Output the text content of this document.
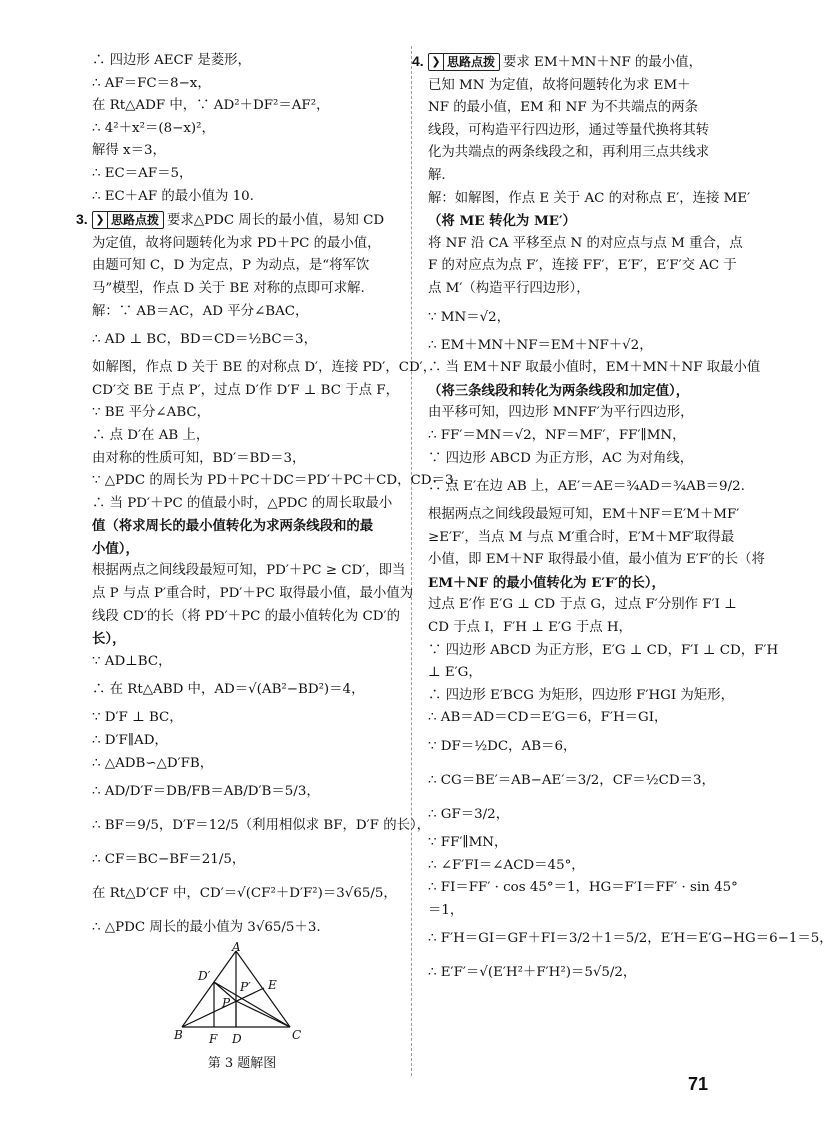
∴ 四边形 AECF 是菱形，
∴ AF＝FC＝8−x，
在 Rt△ADF 中，∵ AD²＋DF²＝AF²，
∴ 4²＋x²＝(8−x)²，
解得 x＝3，
∴ EC＝AF＝5，
∴ EC＋AF 的最小值为 10.
3. ❯ 思路点拨 要求△PDC 周长的最小值，易知 CD 为定值，故将问题转化为求 PD＋PC 的最小值，由题可知 C，D 为定点，P 为动点，是“将军饮马”模型，作点 D 关于 BE 对称的点即可求解.
解：∵ AB＝AC，AD 平分∠BAC，
∴ AD ⊥ BC，BD＝CD＝½BC＝3，
如解图，作点 D 关于 BE 的对称点 D′，连接 PD′，CD′，
CD′交 BE 于点 P′，过点 D′作 D′F ⊥ BC 于点 F，
∵ BE 平分∠ABC，
∴ 点 D′在 AB 上，
由对称的性质可知，BD′＝BD＝3，
∵ △PDC 的周长为 PD＋PC＋DC＝PD′＋PC＋CD，CD＝3，
∴ 当 PD′＋PC 的值最小时，△PDC 的周长取最小
值（将求周长的最小值转化为求两条线段和的最
小值），
根据两点之间线段最短可知，PD′＋PC ≥ CD′，即当
点 P 与点 P′重合时，PD′＋PC 取得最小值，最小值为
线段 CD′的长（将 PD′＋PC 的最小值转化为 CD′的
长），
∵ AD⊥BC，
∴ 在 Rt△ABD 中，AD＝√(AB²−BD²)＝4，
∵ D′F ⊥ BC，
∴ D′F∥AD，
∴ △ADB∽△D′FB，
∴ AD/D′F＝DB/FB＝AB/D′B＝5/3，
∴ BF＝9/5，D′F＝12/5（利用相似求 BF，D′F 的长），
∴ CF＝BC−BF＝21/5，
在 Rt△D′CF 中，CD′＝√(CF²＋D′F²)＝3√65/5，
∴ △PDC 周长的最小值为 3√65/5＋3.
A
D′
P′ E
P
B F D	C
第 3 题解图
4. ❯ 思路点拨 要求 EM＋MN＋NF 的最小值，已知 MN 为定值，故将问题转化为求 EM＋NF 的最小值，EM 和 NF 为不共端点的两条线段，可构造平行四边形，通过等量代换将其转化为共端点的两条线段之和，再利用三点共线求解.
解：如解图，作点 E 关于 AC 的对称点 E′，连接 ME′
（将 ME 转化为 ME′）
将 NF 沿 CA 平移至点 N 的对应点与点 M 重合，点
F 的对应点为点 F′，连接 FF′，E′F′，E′F′交 AC 于
点 M′（构造平行四边形），
∵ MN＝√2，
∴ EM＋MN＋NF＝EM＋NF＋√2，
∴ 当 EM＋NF 取最小值时，EM＋MN＋NF 取最小值
（将三条线段和转化为两条线段和加定值），
由平移可知，四边形 MNFF′为平行四边形，
∴ FF′＝MN＝√2，NF＝MF′，FF′∥MN，
∵ 四边形 ABCD 为正方形，AC 为对角线，
∴ 点 E′在边 AB 上，AE′＝AE＝¾AD＝¾AB＝9/2.
根据两点之间线段最短可知，EM＋NF＝E′M＋MF′
≥E′F′，当点 M 与点 M′重合时，E′M＋MF′取得最
小值，即 EM＋NF 取得最小值，最小值为 E′F′的长（将
EM＋NF 的最小值转化为 E′F′的长），
过点 E′作 E′G ⊥ CD 于点 G，过点 F′分别作 F′I ⊥
CD 于点 I，F′H ⊥ E′G 于点 H，
∵ 四边形 ABCD 为正方形，E′G ⊥ CD，F′I ⊥ CD，F′H
⊥ E′G，
∴ 四边形 E′BCG 为矩形，四边形 F′HGI 为矩形，
∴ AB＝AD＝CD＝E′G＝6，F′H＝GI，
∵ DF＝½DC，AB＝6，
∴ CG＝BE′＝AB−AE′＝3/2，CF＝½CD＝3，
∴ GF＝3/2，
∵ FF′∥MN，
∴ ∠F′FI＝∠ACD＝45°，
∴ FI＝FF′ · cos 45°＝1，HG＝F′I＝FF′ · sin 45°
＝1，
∴ F′H＝GI＝GF＋FI＝3/2＋1＝5/2，E′H＝E′G−HG＝6−1＝5，
∴ E′F′＝√(E′H²＋F′H²)＝5√5/2，
71
